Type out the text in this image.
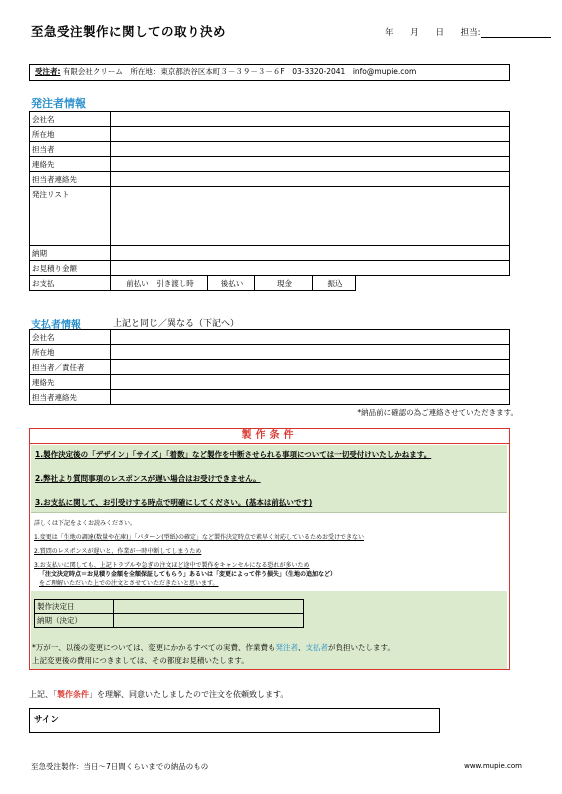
至急受注製作に関しての取り決め	年 月 日 担当:
受注者: 有限会社クリーム　所在地：東京都渋谷区本町３－３９－３－６F　03-3320-2041　info@mupie.com
発注者情報
会社名					
所在地					
担当者					
連絡先					
担当者連絡先					
発注リスト					
納期					
お見積り金額					
お支払	前払い　引き渡し時	後払い	現金	振込	
支払者情報	上記と同じ／異なる（下記へ）
会社名	
所在地	
担当者／責任者	
連絡先	
担当者連絡先	
*納品前に確認の為ご連絡させていただきます。
製作条件
1.製作決定後の「デザイン」「サイズ」「着数」など製作を中断させられる事項については一切受付けいたしかねます。
2.弊社より質問事項のレスポンスが遅い場合はお受けできません。
3.お支払に関して、お引受けする時点で明確にしてください。(基本は前払いです)
詳しくは下記をよくお読みください。
1.変更は「生地の調達(数量や在庫)」「パターン(型紙)の確定」など製作決定時点で素早く対応しているためお受けできない
2.質問のレスポンスが遅いと、作業が一時中断してしまうため
3.お支払いに関しても、上記トラブルや急ぎの注文ほど途中で製作をキャンセルになる恐れが多いため
「注文決定時点＝お見積り金額を全額保証してもらう」あるいは「変更によって伴う損失」（生地の追加など）
をご理解いただいた上での注文とさせていただきたいと思います。
製作決定日	
納期（決定）	
*万が一、以後の変更については、変更にかかるすべての実費、作業費も発注者、支払者が負担いたします。
上記変更後の費用につきましては、その都度お見積いたします。
上記、「製作条件」を理解、同意いたしましたので注文を依頼致します。
サイン
至急受注製作：当日～7日間くらいまでの納品のもの	www.mupie.com
